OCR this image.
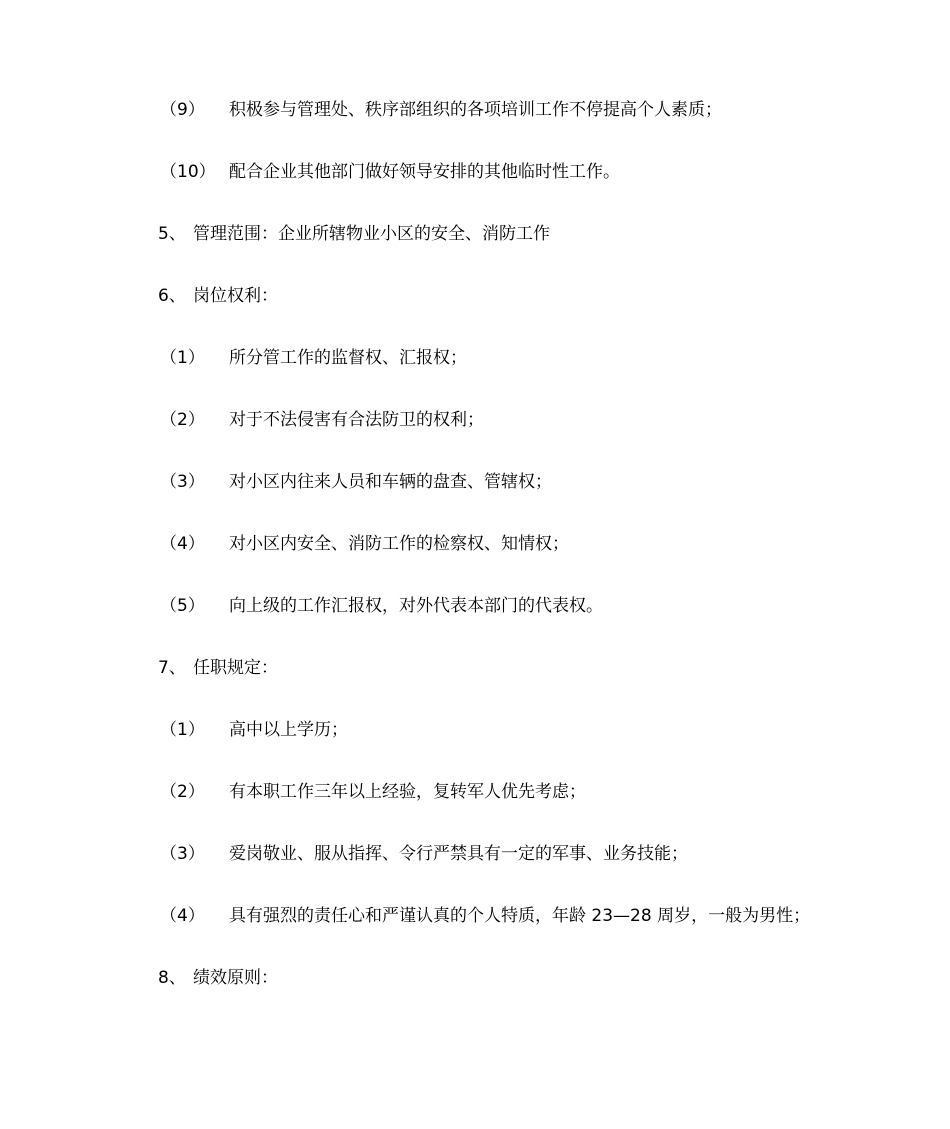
（9） 积极参与管理处、秩序部组织的各项培训工作不停提高个人素质；
（10） 配合企业其他部门做好领导安排的其他临时性工作。
5、 管理范围：企业所辖物业小区的安全、消防工作
6、 岗位权利：
（1） 所分管工作的监督权、汇报权；
（2） 对于不法侵害有合法防卫的权利；
（3） 对小区内往来人员和车辆的盘查、管辖权；
（4） 对小区内安全、消防工作的检察权、知情权；
（5） 向上级的工作汇报权，对外代表本部门的代表权。
7、 任职规定：
（1） 高中以上学历；
（2） 有本职工作三年以上经验，复转军人优先考虑；
（3） 爱岗敬业、服从指挥、令行严禁具有一定的军事、业务技能；
（4） 具有强烈的责任心和严谨认真的个人特质，年龄 23—28 周岁，一般为男性；
8、 绩效原则：
